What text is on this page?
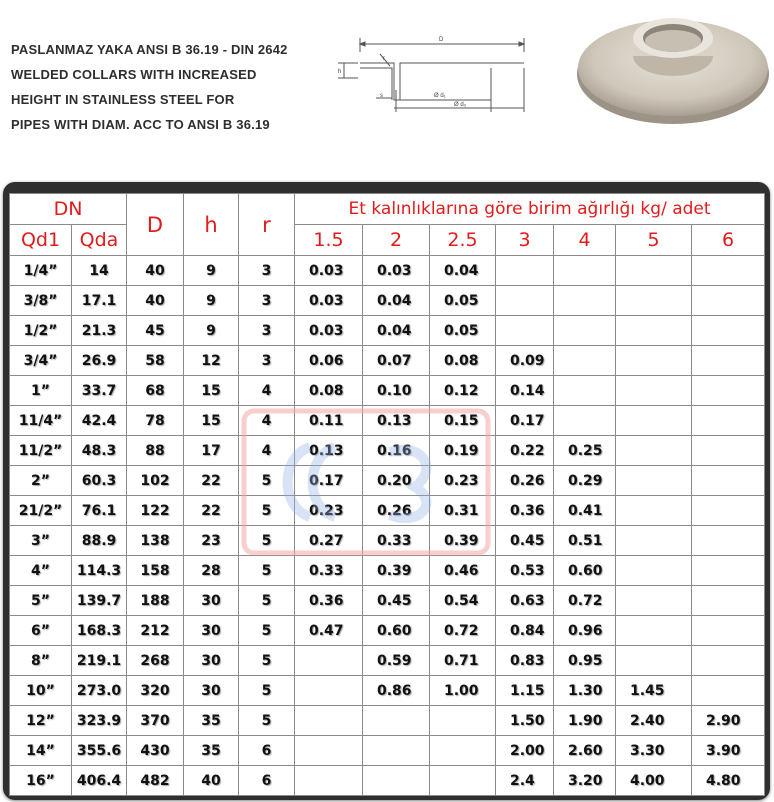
PASLANMAZ YAKA ANSI B 36.19 - DIN 2642
WELDED COLLARS WITH INCREASED
HEIGHT IN STAINLESS STEEL FOR
PIPES WITH DIAM. ACC TO ANSI B 36.19
D
r
h
s	Ø d₁
Ø d₃
DN		D	h	r	Et kalınlıklarına göre birim ağırlığı kg/ adet						
Qd1	Qda				1.5	2	2.5	3	4	5	6
1/4”	14	40	9	3	0.03	0.03	0.04				
3/8”	17.1	40	9	3	0.03	0.04	0.05				
1/2”	21.3	45	9	3	0.03	0.04	0.05				
3/4”	26.9	58	12	3	0.06	0.07	0.08	0.09			
1”	33.7	68	15	4	0.08	0.10	0.12	0.14			
11/4”	42.4	78	15	4	0.11	0.13	0.15	0.17			
11/2”	48.3	88	17	4	0.13	0.16	0.19	0.22	0.25		
2”	60.3	102	22	5	0.17	0.20	0.23	0.26	0.29		
21/2”	76.1	122	22	5	0.23	0.26	0.31	0.36	0.41		
3”	88.9	138	23	5	0.27	0.33	0.39	0.45	0.51		
4”	114.3	158	28	5	0.33	0.39	0.46	0.53	0.60		
5”	139.7	188	30	5	0.36	0.45	0.54	0.63	0.72		
6”	168.3	212	30	5	0.47	0.60	0.72	0.84	0.96		
8”	219.1	268	30	5		0.59	0.71	0.83	0.95		
10”	273.0	320	30	5		0.86	1.00	1.15	1.30	1.45	
12”	323.9	370	35	5				1.50	1.90	2.40	2.90
14”	355.6	430	35	6				2.00	2.60	3.30	3.90
16”	406.4	482	40	6				2.4	3.20	4.00	4.80
